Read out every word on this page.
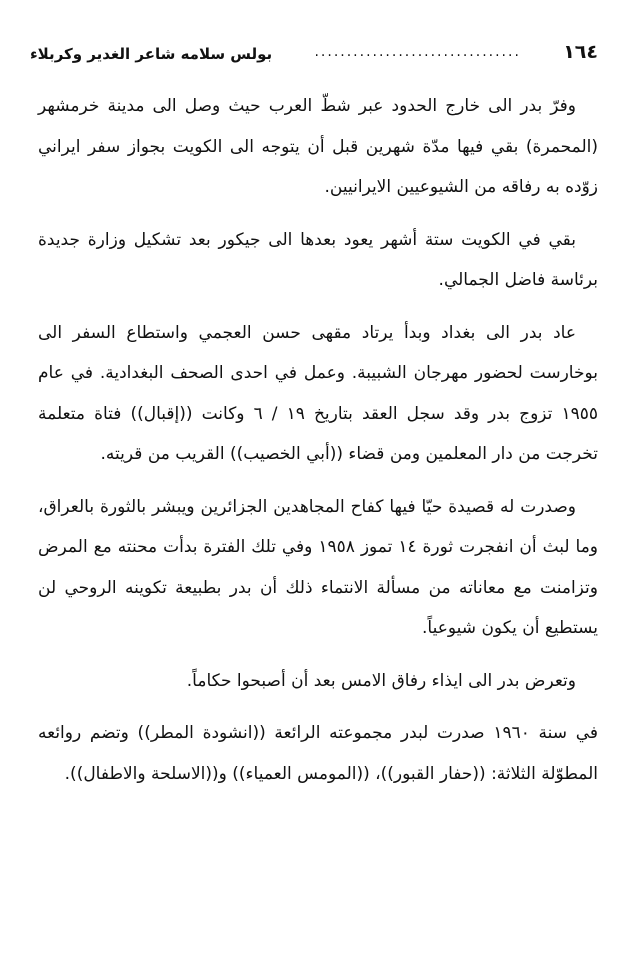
١٦٤
................................
بولس سلامه شاعر الغدير وكربلاء

وفرّ بدر الى خارج الحدود عبر شطّ العرب حيث وصل الى مدينة خرمشهر (المحمرة) بقي فيها مدّة شهرين قبل أن يتوجه الى الكويت بجواز سفر ايراني زوّده به رفاقه من الشيوعيين الايرانيين.

بقي في الكويت ستة أشهر يعود بعدها الى جيكور بعد تشكيل وزارة جديدة برئاسة فاضل الجمالي.

عاد بدر الى بغداد وبدأ يرتاد مقهى حسن العجمي واستطاع السفر الى بوخارست لحضور مهرجان الشبيبة. وعمل في احدى الصحف البغدادية. في عام ١٩٥٥ تزوج بدر وقد سجل العقد بتاريخ ١٩ / ٦ وكانت ((إقبال)) فتاة متعلمة تخرجت من دار المعلمين ومن قضاء ((أبي الخصيب)) القريب من قريته.

وصدرت له قصيدة حيّا فيها كفاح المجاهدين الجزائرين ويبشر بالثورة بالعراق، وما لبث أن انفجرت ثورة ١٤ تموز ١٩٥٨ وفي تلك الفترة بدأت محنته مع المرض وتزامنت مع معاناته من مسألة الانتماء ذلك أن بدر بطبيعة تكوينه الروحي لن يستطيع أن يكون شيوعياً.

وتعرض بدر الى ايذاء رفاق الامس بعد أن أصبحوا حكاماً.

في سنة ١٩٦٠ صدرت لبدر مجموعته الرائعة ((انشودة المطر)) وتضم روائعه المطوّلة الثلاثة: ((حفار القبور))، ((المومس العمياء)) و((الاسلحة والاطفال)).
